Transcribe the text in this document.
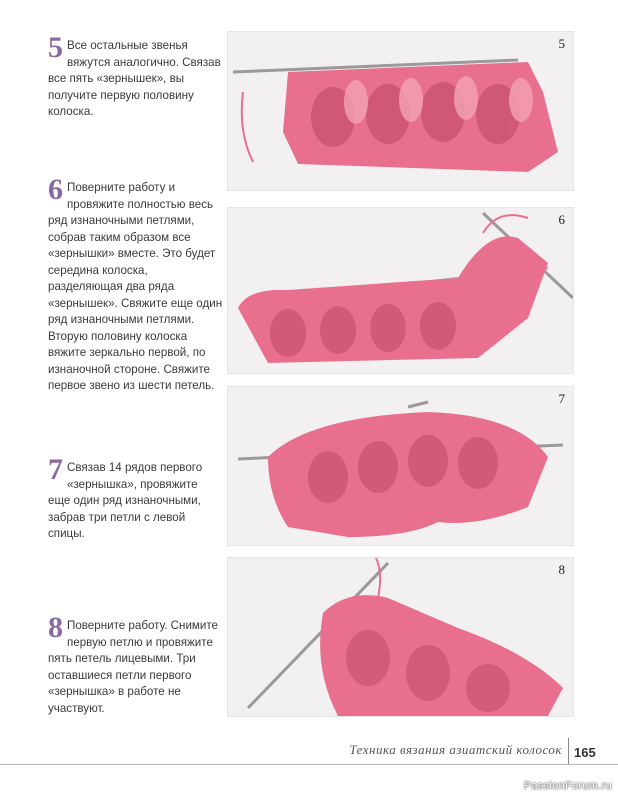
5 Все остальные звенья вяжутся аналогично. Связав все пять «зернышек», вы получите первую половину колоска.
6 Поверните работу и провяжите полностью весь ряд изнаночными петлями, собрав таким образом все «зернышки» вместе. Это будет середина колоска, разделяющая два ряда «зернышек». Свяжите еще один ряд изнаночными петлями. Вторую половину колоска вяжите зеркально первой, по изнаночной стороне. Свяжите первое звено из шести петель.
7 Связав 14 рядов первого «зернышка», провяжите еще один ряд изнаночными, забрав три петли с левой спицы.
8 Поверните работу. Снимите первую петлю и провяжите пять петель лицевыми. Три оставшиеся петли первого «зернышка» в работе не участвуют.
5
6
7
8
Техника вязания азиатский колосок 165
PassionForum.ru
